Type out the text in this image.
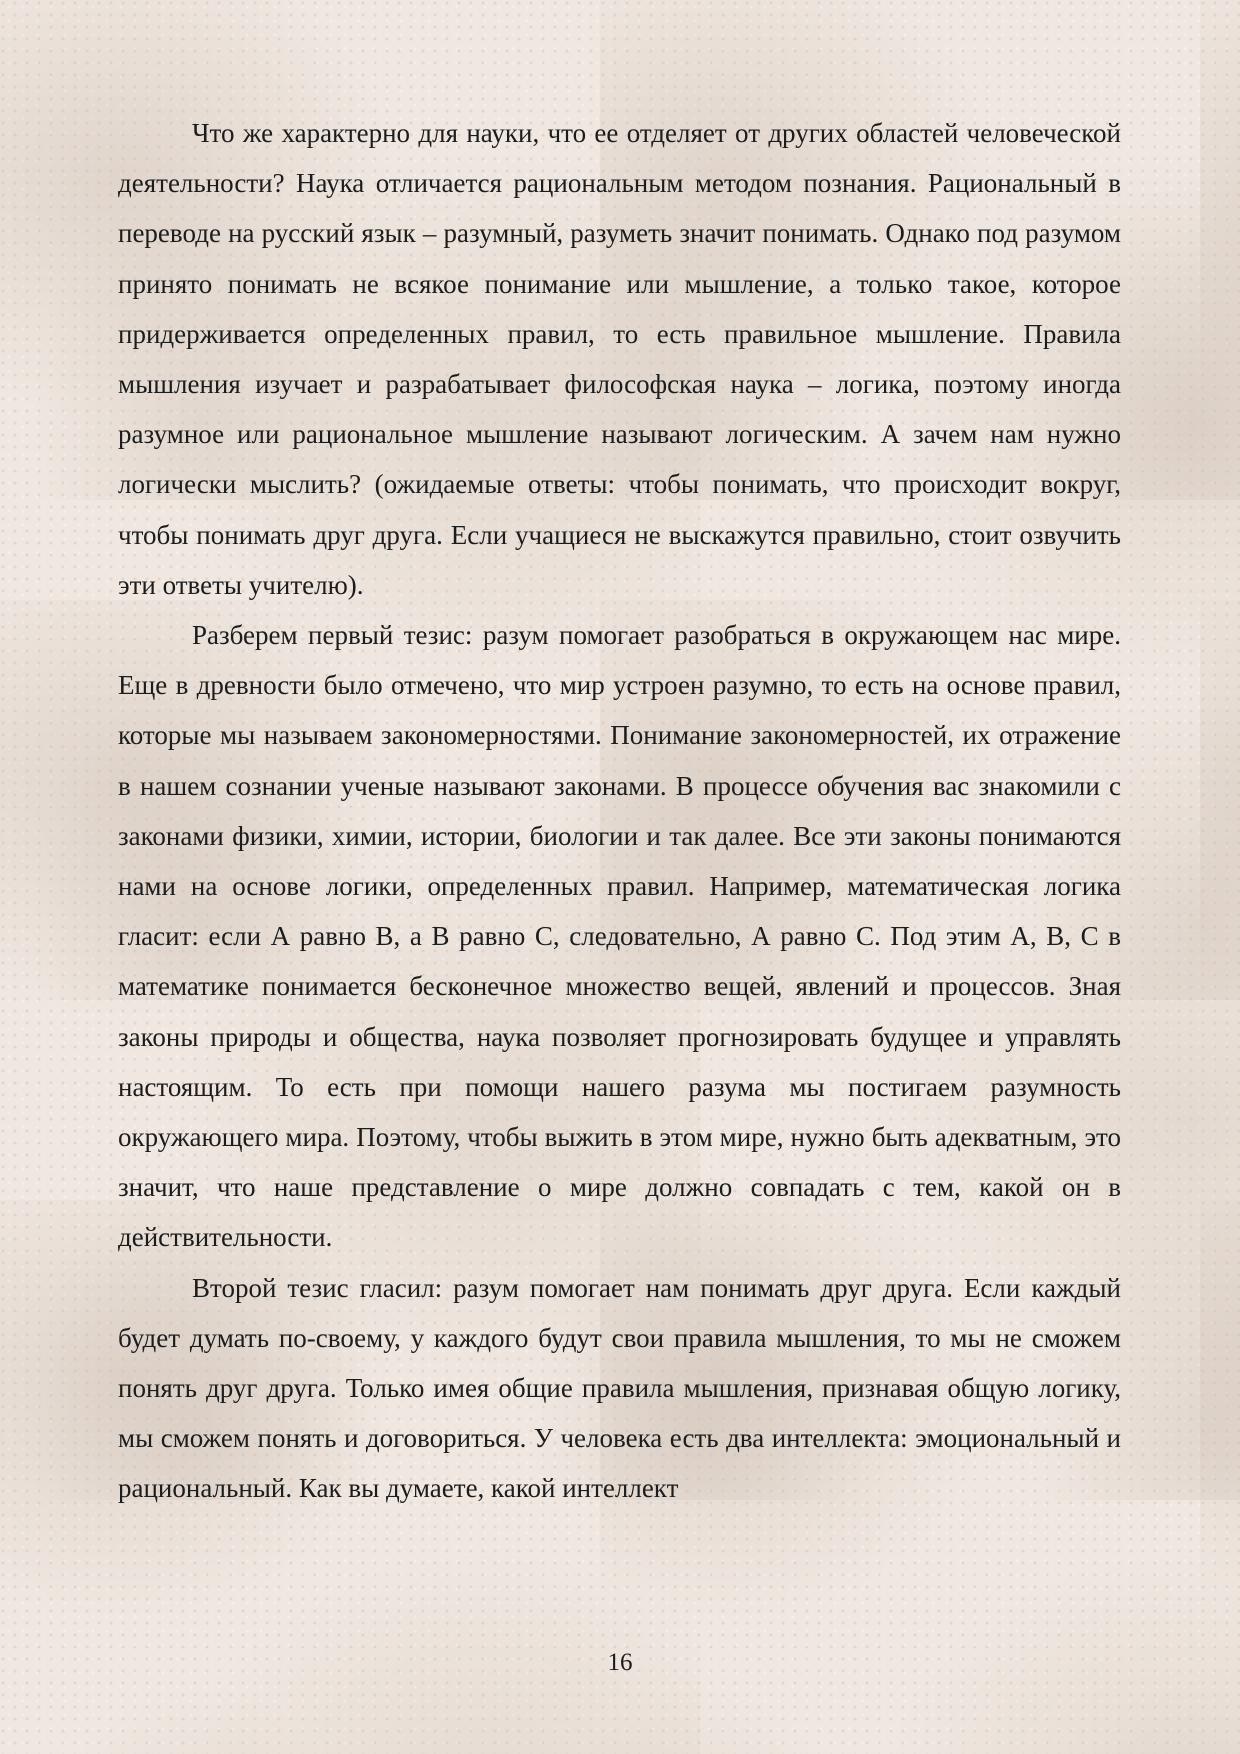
Что же характерно для науки, что ее отделяет от других областей человеческой деятельности? Наука отличается рациональным методом познания. Рациональный в переводе на русский язык – разумный, разуметь значит понимать. Однако под разумом принято понимать не всякое понимание или мышление, а только такое, которое придерживается определенных правил, то есть правильное мышление. Правила мышления изучает и разрабатывает философская наука – логика, поэтому иногда разумное или рациональное мышление называют логическим. А зачем нам нужно логически мыслить? (ожидаемые ответы: чтобы понимать, что происходит вокруг, чтобы понимать друг друга. Если учащиеся не выскажутся правильно, стоит озвучить эти ответы учителю).

Разберем первый тезис: разум помогает разобраться в окружающем нас мире. Еще в древности было отмечено, что мир устроен разумно, то есть на основе правил, которые мы называем закономерностями. Понимание закономерностей, их отражение в нашем сознании ученые называют законами. В процессе обучения вас знакомили с законами физики, химии, истории, биологии и так далее. Все эти законы понимаются нами на основе логики, определенных правил. Например, математическая логика гласит: если А равно В, а В равно С, следовательно, А равно С. Под этим А, В, С в математике понимается бесконечное множество вещей, явлений и процессов. Зная законы природы и общества, наука позволяет прогнозировать будущее и управлять настоящим. То есть при помощи нашего разума мы постигаем разумность окружающего мира. Поэтому, чтобы выжить в этом мире, нужно быть адекватным, это значит, что наше представление о мире должно совпадать с тем, какой он в действительности.

Второй тезис гласил: разум помогает нам понимать друг друга. Если каждый будет думать по-своему, у каждого будут свои правила мышления, то мы не сможем понять друг друга. Только имея общие правила мышления, признавая общую логику, мы сможем понять и договориться. У человека есть два интеллекта: эмоциональный и рациональный. Как вы думаете, какой интеллект

16
